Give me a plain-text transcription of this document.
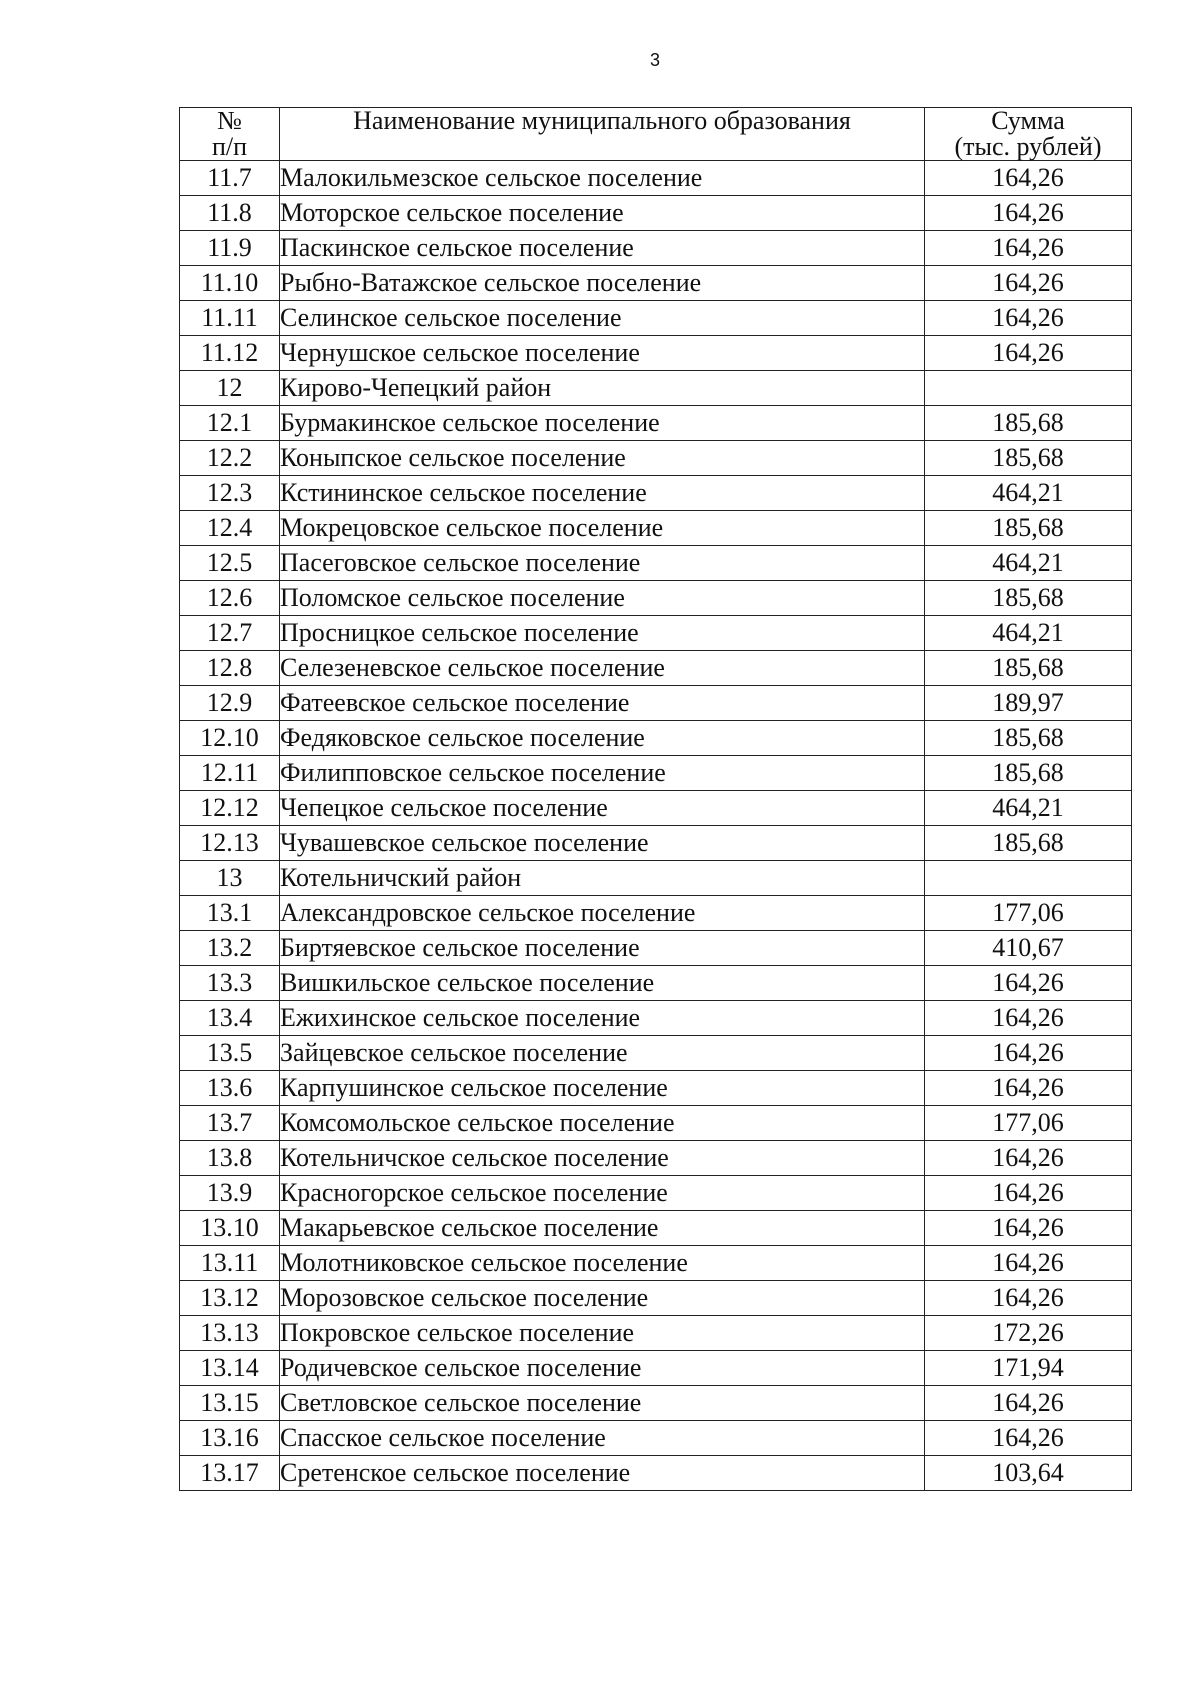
3
№
п/п	Наименование муниципального образования	Сумма
(тыс. рублей)

11.7	Малокильмезское сельское поселение	164,26
11.8	Моторское сельское поселение	164,26
11.9	Паскинское сельское поселение	164,26
11.10	Рыбно-Ватажское сельское поселение	164,26
11.11	Селинское сельское поселение	164,26
11.12	Чернушское сельское поселение	164,26
12	Кирово-Чепецкий район	
12.1	Бурмакинское сельское поселение	185,68
12.2	Коныпское сельское поселение	185,68
12.3	Кстининское сельское поселение	464,21
12.4	Мокрецовское сельское поселение	185,68
12.5	Пасеговское сельское поселение	464,21
12.6	Поломское сельское поселение	185,68
12.7	Просницкое сельское поселение	464,21
12.8	Селезеневское сельское поселение	185,68
12.9	Фатеевское сельское поселение	189,97
12.10	Федяковское сельское поселение	185,68
12.11	Филипповское сельское поселение	185,68
12.12	Чепецкое сельское поселение	464,21
12.13	Чувашевское сельское поселение	185,68
13	Котельничский район	
13.1	Александровское сельское поселение	177,06
13.2	Биртяевское сельское поселение	410,67
13.3	Вишкильское сельское поселение	164,26
13.4	Ежихинское сельское поселение	164,26
13.5	Зайцевское сельское поселение	164,26
13.6	Карпушинское сельское поселение	164,26
13.7	Комсомольское сельское поселение	177,06
13.8	Котельничское сельское поселение	164,26
13.9	Красногорское сельское поселение	164,26
13.10	Макарьевское сельское поселение	164,26
13.11	Молотниковское сельское поселение	164,26
13.12	Морозовское сельское поселение	164,26
13.13	Покровское сельское поселение	172,26
13.14	Родичевское сельское поселение	171,94
13.15	Светловское сельское поселение	164,26
13.16	Спасское сельское поселение	164,26
13.17	Сретенское сельское поселение	103,64
